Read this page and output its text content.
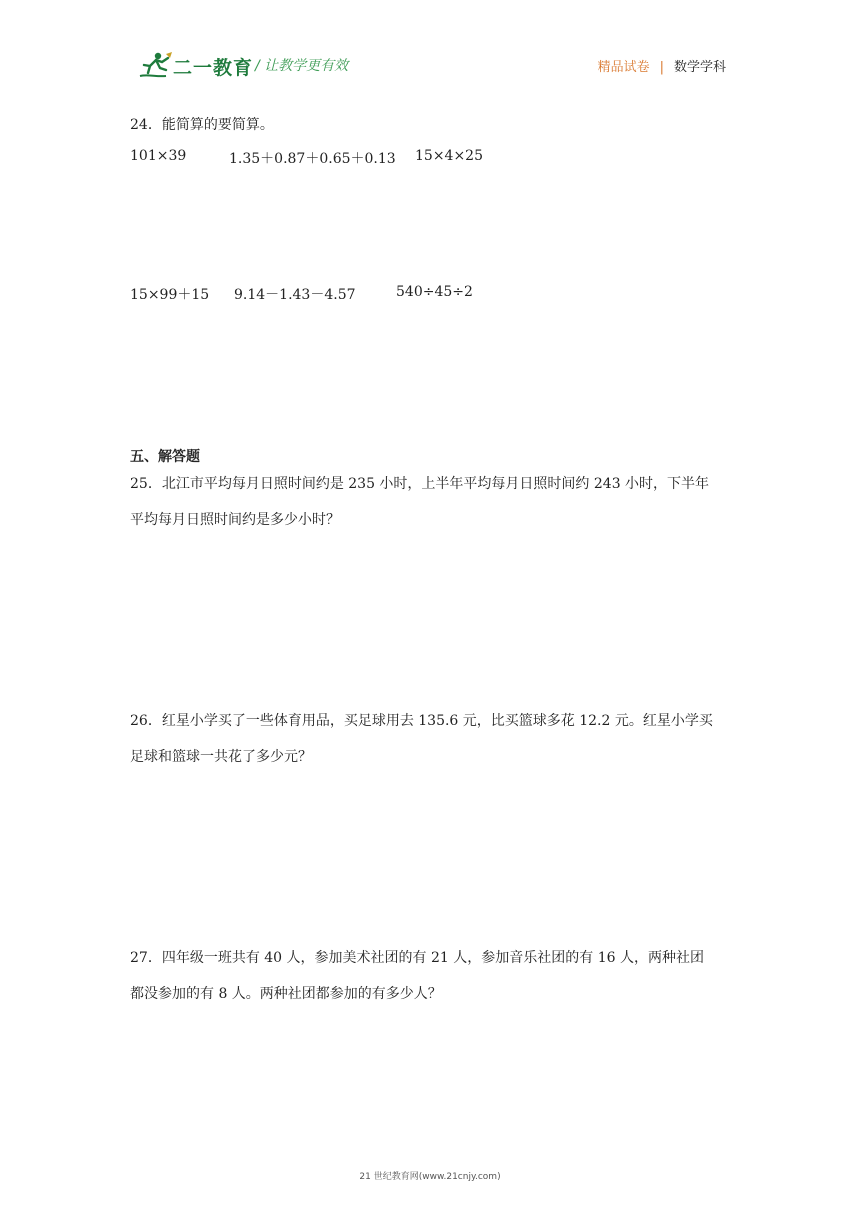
二一教育 / 让教学更有效	精品试卷 | 数学学科
24．能简算的要简算。
101×39	1.35＋0.87＋0.65＋0.13 15×4×25
15×99＋15 9.14－1.43－4.57	540÷45÷2
五、解答题
25．北江市平均每月日照时间约是 235 小时，上半年平均每月日照时间约 243 小时，下半年
平均每月日照时间约是多少小时？
26．红星小学买了一些体育用品，买足球用去 135.6 元，比买篮球多花 12.2 元。红星小学买
足球和篮球一共花了多少元？
27．四年级一班共有 40 人，参加美术社团的有 21 人，参加音乐社团的有 16 人，两种社团
都没参加的有 8 人。两种社团都参加的有多少人？
21 世纪教育网(www.21cnjy.com)
